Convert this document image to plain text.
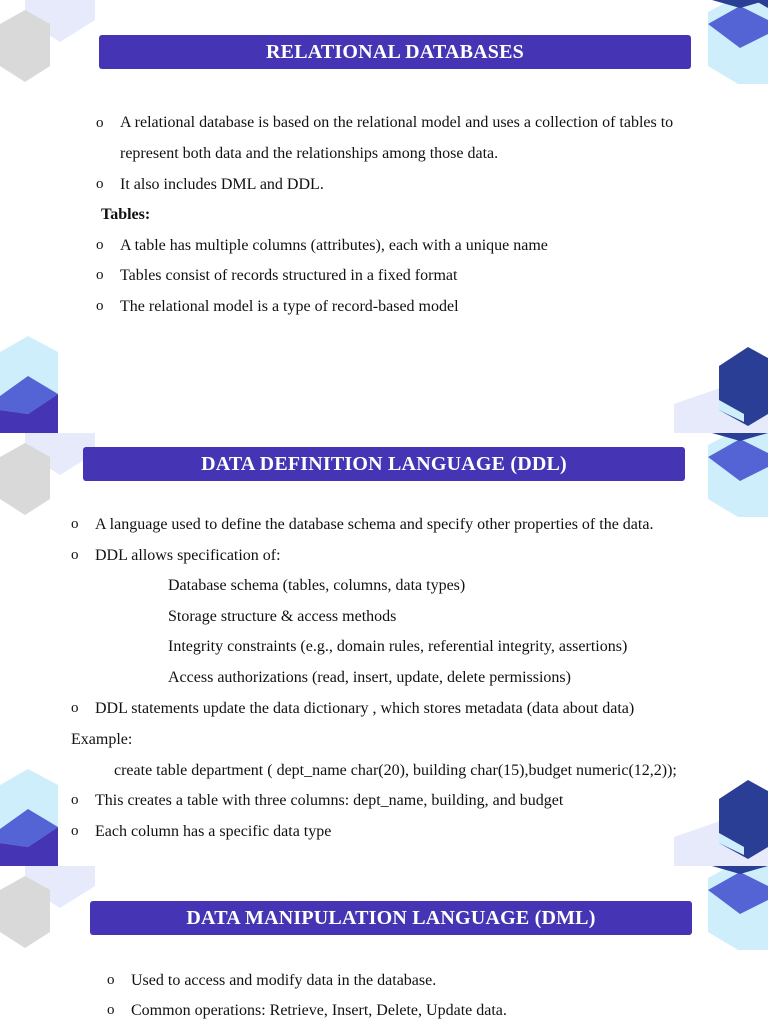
RELATIONAL DATABASES
o A relational database is based on the relational model and uses a collection of tables to
represent both data and the relationships among those data.
o It also includes DML and DDL.
Tables:
o A table has multiple columns (attributes), each with a unique name
o Tables consist of records structured in a fixed format
o The relational model is a type of record-based model
DATA DEFINITION LANGUAGE (DDL)
o A language used to define the database schema and specify other properties of the data.
o DDL allows specification of:
Database schema (tables, columns, data types)
Storage structure & access methods
Integrity constraints (e.g., domain rules, referential integrity, assertions)
Access authorizations (read, insert, update, delete permissions)
o DDL statements update the data dictionary , which stores metadata (data about data)
Example:
create table department ( dept_name char(20), building char(15),budget numeric(12,2));
o This creates a table with three columns: dept_name, building, and budget
o Each column has a specific data type
DATA MANIPULATION LANGUAGE (DML)
o Used to access and modify data in the database.
o Common operations: Retrieve, Insert, Delete, Update data.
